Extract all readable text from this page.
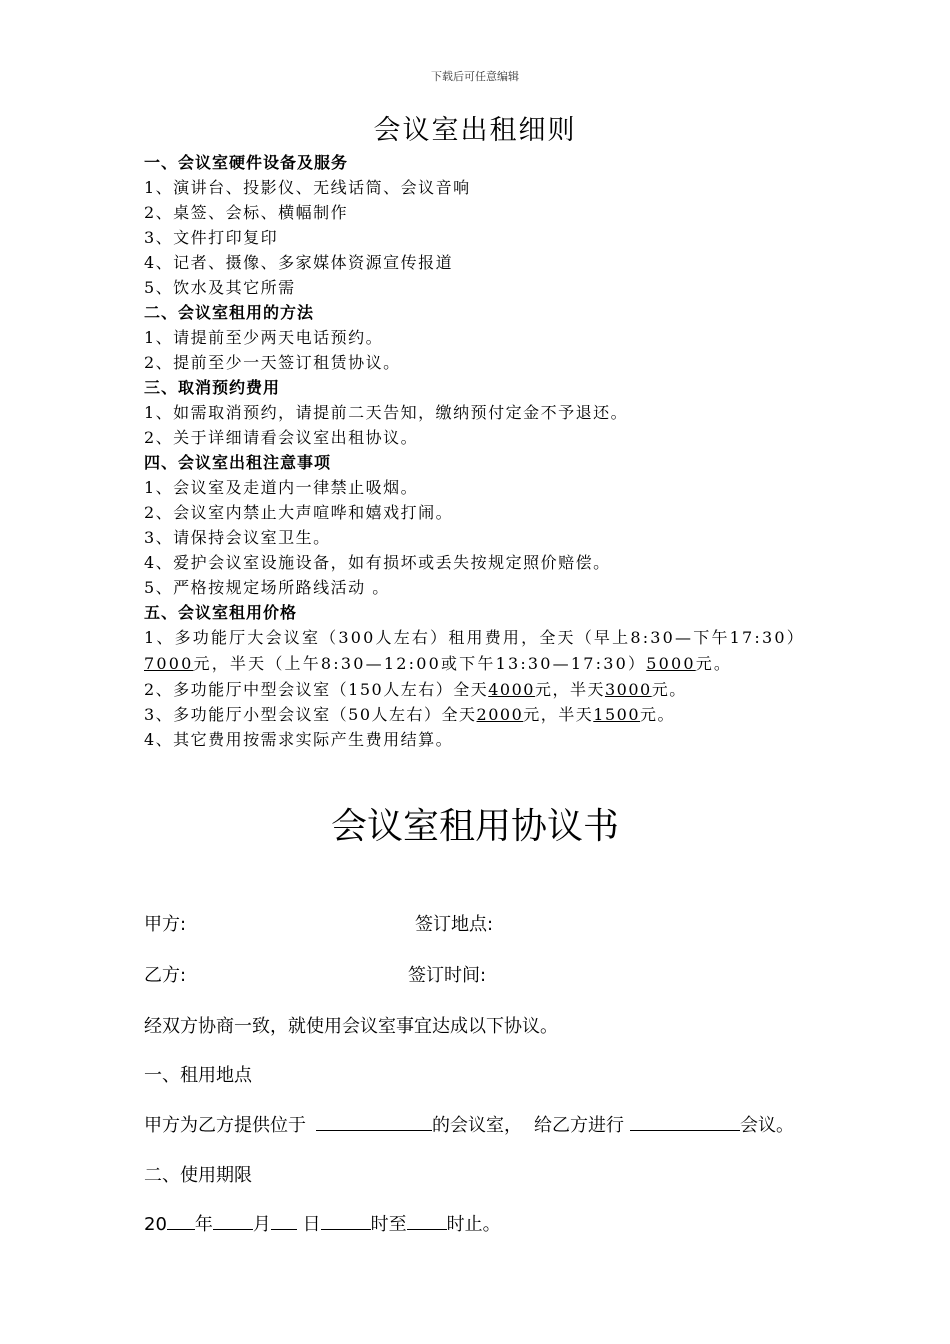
下载后可任意编辑
会议室出租细则
一、会议室硬件设备及服务
1、演讲台、投影仪、无线话筒、会议音响
2、桌签、会标、横幅制作
3、文件打印复印
4、记者、摄像、多家媒体资源宣传报道
5、饮水及其它所需
二、会议室租用的方法
1、请提前至少两天电话预约。
2、提前至少一天签订租赁协议。
三、取消预约费用
1、如需取消预约，请提前二天告知，缴纳预付定金不予退还。
2、关于详细请看会议室出租协议。
四、会议室出租注意事项
1、会议室及走道内一律禁止吸烟。
2、会议室内禁止大声喧哗和嬉戏打闹。
3、请保持会议室卫生。
4、爱护会议室设施设备，如有损坏或丢失按规定照价赔偿。
5、严格按规定场所路线活动 。
五、会议室租用价格
1、多功能厅大会议室（300人左右）租用费用，全天（早上8:30—下午17:30） 7000元，半天（上午8:30—12:00或下午13:30—17:30）5000元。
2、多功能厅中型会议室（150人左右）全天4000元，半天3000元。
3、多功能厅小型会议室（50人左右）全天2000元，半天1500元。
4、其它费用按需求实际产生费用结算。
会议室租用协议书
甲方:	签订地点:
乙方:	签订时间:
经双方协商一致，就使用会议室事宜达成以下协议。
一、租用地点
甲方为乙方提供位于	的会议室， 给乙方进行	会议。
二、使用期限
20 年 月 日	时至 时止。
